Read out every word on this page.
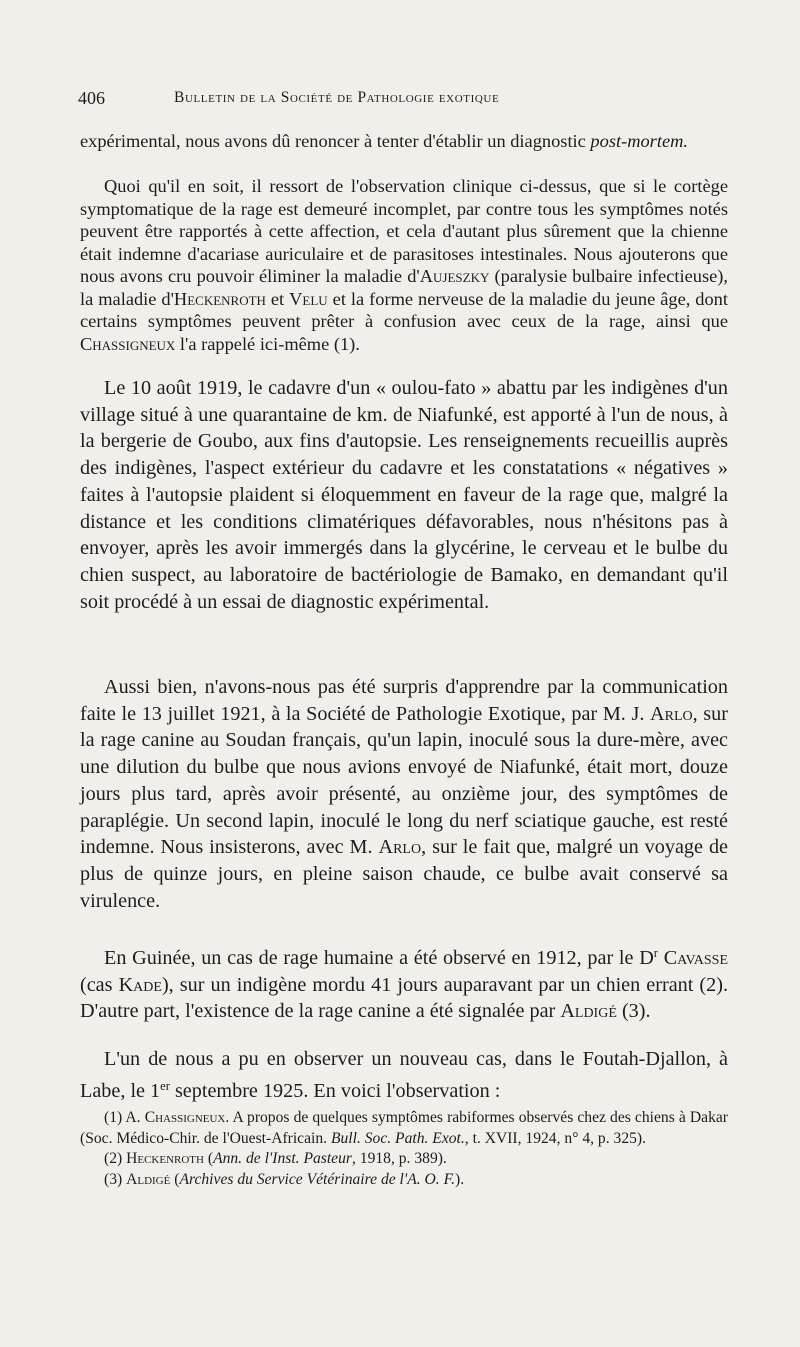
406	Bulletin de la Société de Pathologie exotique

expérimental, nous avons dû renoncer à tenter d'établir un diagnostic post-mortem.

Quoi qu'il en soit, il ressort de l'observation clinique ci-dessus, que si le cortège symptomatique de la rage est demeuré incomplet, par contre tous les symptômes notés peuvent être rapportés à cette affection, et cela d'autant plus sûrement que la chienne était indemne d'acariase auriculaire et de parasitoses intestinales. Nous ajouterons que nous avons cru pouvoir éliminer la maladie d'Aujeszky (paralysie bulbaire infectieuse), la maladie d'Heckenroth et Velu et la forme nerveuse de la maladie du jeune âge, dont certains symptômes peuvent prêter à confusion avec ceux de la rage, ainsi que Chassigneux l'a rappelé ici-même (1).

Le 10 août 1919, le cadavre d'un « oulou-fato » abattu par les indigènes d'un village situé à une quarantaine de km. de Niafunké, est apporté à l'un de nous, à la bergerie de Goubo, aux fins d'autopsie. Les renseignements recueillis auprès des indigènes, l'aspect extérieur du cadavre et les constatations « négatives » faites à l'autopsie plaident si éloquemment en faveur de la rage que, malgré la distance et les conditions climatériques défavorables, nous n'hésitons pas à envoyer, après les avoir immergés dans la glycérine, le cerveau et le bulbe du chien suspect, au laboratoire de bactériologie de Bamako, en demandant qu'il soit procédé à un essai de diagnostic expérimental.

Aussi bien, n'avons-nous pas été surpris d'apprendre par la communication faite le 13 juillet 1921, à la Société de Pathologie Exotique, par M. J. Arlo, sur la rage canine au Soudan français, qu'un lapin, inoculé sous la dure-mère, avec une dilution du bulbe que nous avions envoyé de Niafunké, était mort, douze jours plus tard, après avoir présenté, au onzième jour, des symptômes de paraplégie. Un second lapin, inoculé le long du nerf sciatique gauche, est resté indemne. Nous insisterons, avec M. Arlo, sur le fait que, malgré un voyage de plus de quinze jours, en pleine saison chaude, ce bulbe avait conservé sa virulence.

En Guinée, un cas de rage humaine a été observé en 1912, par le $D^r$ Cavasse (cas Kade), sur un indigène mordu 41 jours auparavant par un chien errant (2). D'autre part, l'existence de la rage canine a été signalée par Aldigé (3).

L'un de nous a pu en observer un nouveau cas, dans le Foutah-Djallon, à Labe, le 1er septembre 1925. En voici l'observation :

(1) A. Chassigneux. A propos de quelques symptômes rabiformes observés chez des chiens à Dakar (Soc. Médico-Chir. de l'Ouest-Africain. Bull. Soc. Path. Exot., t. XVII, 1924, n° 4, p. 325).
(2) Heckenroth (Ann. de l'Inst. Pasteur, 1918, p. 389).
(3) Aldigé (Archives du Service Vétérinaire de l'A. O. F.).
